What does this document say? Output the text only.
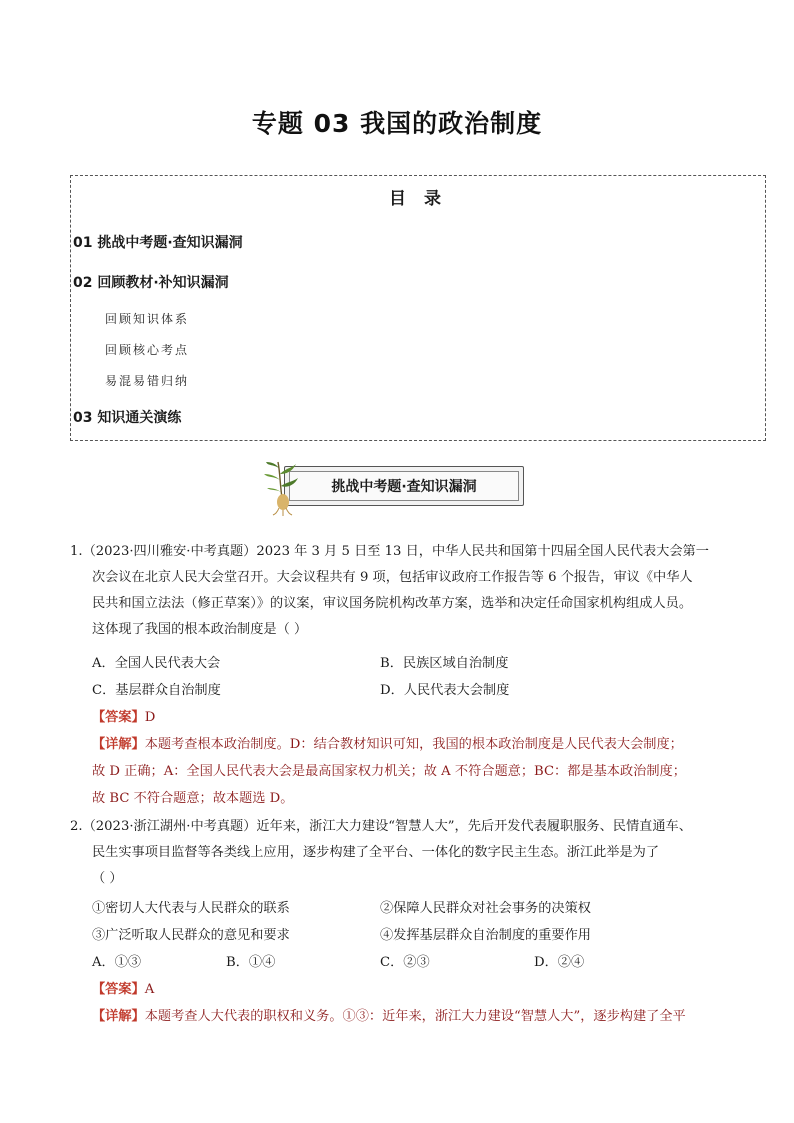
专题 03 我国的政治制度
目 录
01 挑战中考题·查知识漏洞
02 回顾教材·补知识漏洞
回顾知识体系
回顾核心考点
易混易错归纳
03 知识通关演练
挑战中考题·查知识漏洞
1.（2023·四川雅安·中考真题）2023 年 3 月 5 日至 13 日，中华人民共和国第十四届全国人民代表大会第一
次会议在北京人民大会堂召开。大会议程共有 9 项，包括审议政府工作报告等 6 个报告，审议《中华人
民共和国立法法（修正草案）》的议案，审议国务院机构改革方案，选举和决定任命国家机构组成人员。
这体现了我国的根本政治制度是（ ）
A．全国人民代表大会	B．民族区域自治制度
C．基层群众自治制度	D．人民代表大会制度
【答案】D
【详解】本题考查根本政治制度。D：结合教材知识可知，我国的根本政治制度是人民代表大会制度；
故 D 正确；A：全国人民代表大会是最高国家权力机关；故 A 不符合题意；BC：都是基本政治制度；
故 BC 不符合题意；故本题选 D。
2.（2023·浙江湖州·中考真题）近年来，浙江大力建设“智慧人大”，先后开发代表履职服务、民情直通车、
民生实事项目监督等各类线上应用，逐步构建了全平台、一体化的数字民主生态。浙江此举是为了
（ ）
①密切人大代表与人民群众的联系	②保障人民群众对社会事务的决策权
③广泛听取人民群众的意见和要求	④发挥基层群众自治制度的重要作用
A．①③	B．①④	C．②③	D．②④
【答案】A
【详解】本题考查人大代表的职权和义务。①③：近年来，浙江大力建设“智慧人大”，逐步构建了全平
